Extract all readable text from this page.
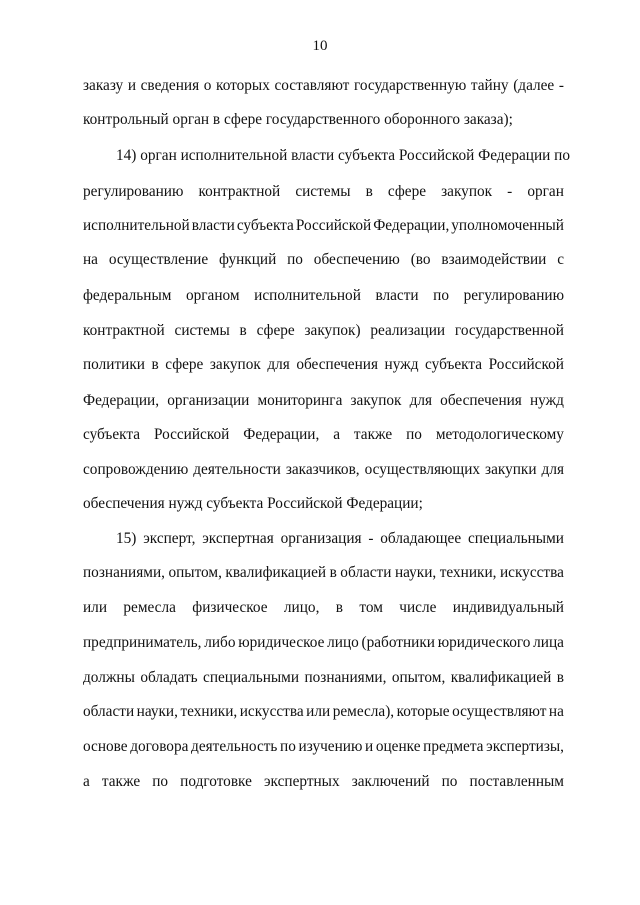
10
заказу и сведения о которых составляют государственную тайну (далее -
контрольный орган в сфере государственного оборонного заказа);
14) орган исполнительной власти субъекта Российской Федерации по
регулированию контрактной системы в сфере закупок - орган
исполнительной власти субъекта Российской Федерации, уполномоченный
на осуществление функций по обеспечению (во взаимодействии с
федеральным органом исполнительной власти по регулированию
контрактной системы в сфере закупок) реализации государственной
политики в сфере закупок для обеспечения нужд субъекта Российской
Федерации, организации мониторинга закупок для обеспечения нужд
субъекта Российской Федерации, а также по методологическому
сопровождению деятельности заказчиков, осуществляющих закупки для
обеспечения нужд субъекта Российской Федерации;
15) эксперт, экспертная организация - обладающее специальными
познаниями, опытом, квалификацией в области науки, техники, искусства
или ремесла физическое лицо, в том числе индивидуальный
предприниматель, либо юридическое лицо (работники юридического лица
должны обладать специальными познаниями, опытом, квалификацией в
области науки, техники, искусства или ремесла), которые осуществляют на
основе договора деятельность по изучению и оценке предмета экспертизы,
а также по подготовке экспертных заключений по поставленным
